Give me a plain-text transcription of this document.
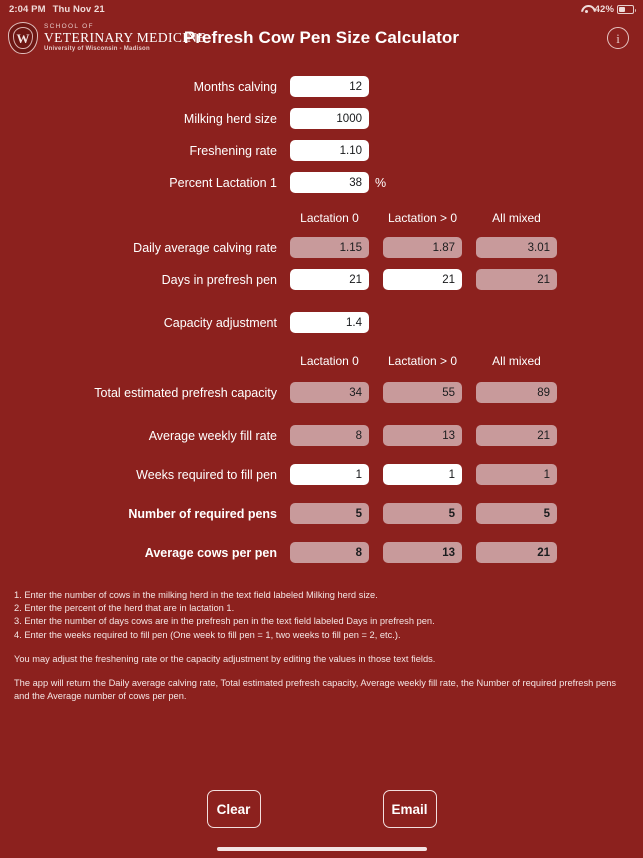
2:04 PM Thu Nov 21	42%
W
SCHOOL OF
VETERINARY MEDICINE
University of Wisconsin - Madison
Prefresh Cow Pen Size Calculator	i
Months calving	12
Milking herd size	1000
Freshening rate	1.10
Percent Lactation 1	38	%
Lactation 0	Lactation > 0	All mixed
Daily average calving rate	1.15	1.87	3.01
Days in prefresh pen	21	21	21
Capacity adjustment	1.4
Lactation 0	Lactation > 0	All mixed
Total estimated prefresh capacity	34	55	89
Average weekly fill rate	8	13	21
Weeks required to fill pen	1	1	1
Number of required pens	5	5	5
Average cows per pen	8	13	21

1. Enter the number of cows in the milking herd in the text field labeled Milking herd size.
2. Enter the percent of the herd that are in lactation 1.
3. Enter the number of days cows are in the prefresh pen in the text field labeled Days in prefresh pen.
4. Enter the weeks required to fill pen (One week to fill pen = 1, two weeks to fill pen = 2, etc.).

You may adjust the freshening rate or the capacity adjustment by editing the values in those text fields.

The app will return the Daily average calving rate, Total estimated prefresh capacity, Average weekly fill rate, the Number of required prefresh pens and the Average number of cows per pen.

Clear	Email
